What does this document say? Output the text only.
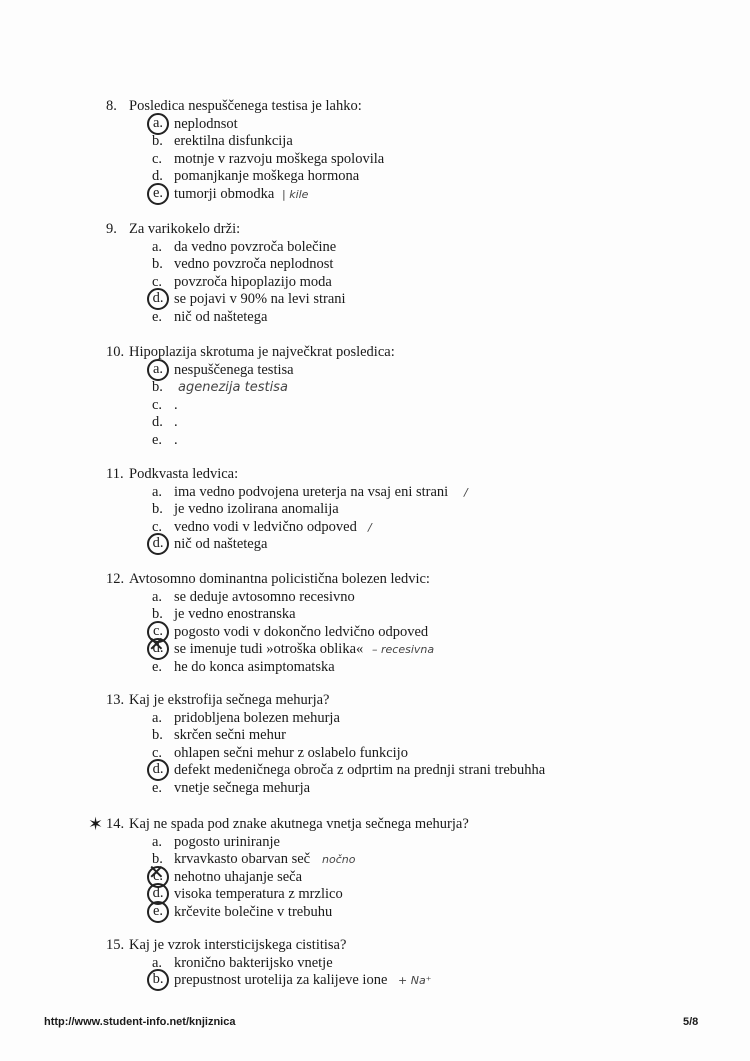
8. Posledica nespuščenega testisa je lahko:
a. neplodnsot
b. erektilna disfunkcija
c. motnje v razvoju moškega spolovila
d. pomanjkanje moškega hormona
e. tumorji obmodka | kile
9. Za varikokelo drži:
a. da vedno povzroča bolečine
b. vedno povzroča neplodnost
c. povzroča hipoplazijo moda
d. se pojavi v 90% na levi strani
e. nič od naštetega
10. Hipoplazija skrotuma je največkrat posledica:
a. nespuščenega testisa
b.	agenezija testisa
c. .
d. .
e. .
11. Podkvasta ledvica:
a. ima vedno podvojena ureterja na vsaj eni strani /
b. je vedno izolirana anomalija
c. vedno vodi v ledvično odpoved /
d. nič od naštetega
12. Avtosomno dominantna policistična bolezen ledvic:
a. se deduje avtosomno recesivno
b. je vedno enostranska
c. pogosto vodi v dokončno ledvično odpoved
d. ✕ se imenuje tudi »otroška oblika« – recesivna
e. he do konca asimptomatska
13. Kaj je ekstrofija sečnega mehurja?
a. pridobljena bolezen mehurja
b. skrčen sečni mehur
c. ohlapen sečni mehur z oslabelo funkcijo
d. defekt medeničnega obroča z odprtim na prednji strani trebuhha
e. vnetje sečnega mehurja
14. Kaj ne spada pod znake akutnega vnetja sečnega mehurja?
a. pogosto uriniranje
b. krvavkasto obarvan seč nočno
c. ✕ nehotno uhajanje seča
d. visoka temperatura z mrzlico
e. krčevite bolečine v trebuhu
15. Kaj je vzrok intersticijskega cistitisa?
a. kronično bakterijsko vnetje
b. prepustnost urotelija za kalijeve ione + Na⁺
✶
http://www.student-info.net/knjiznica	5/8
